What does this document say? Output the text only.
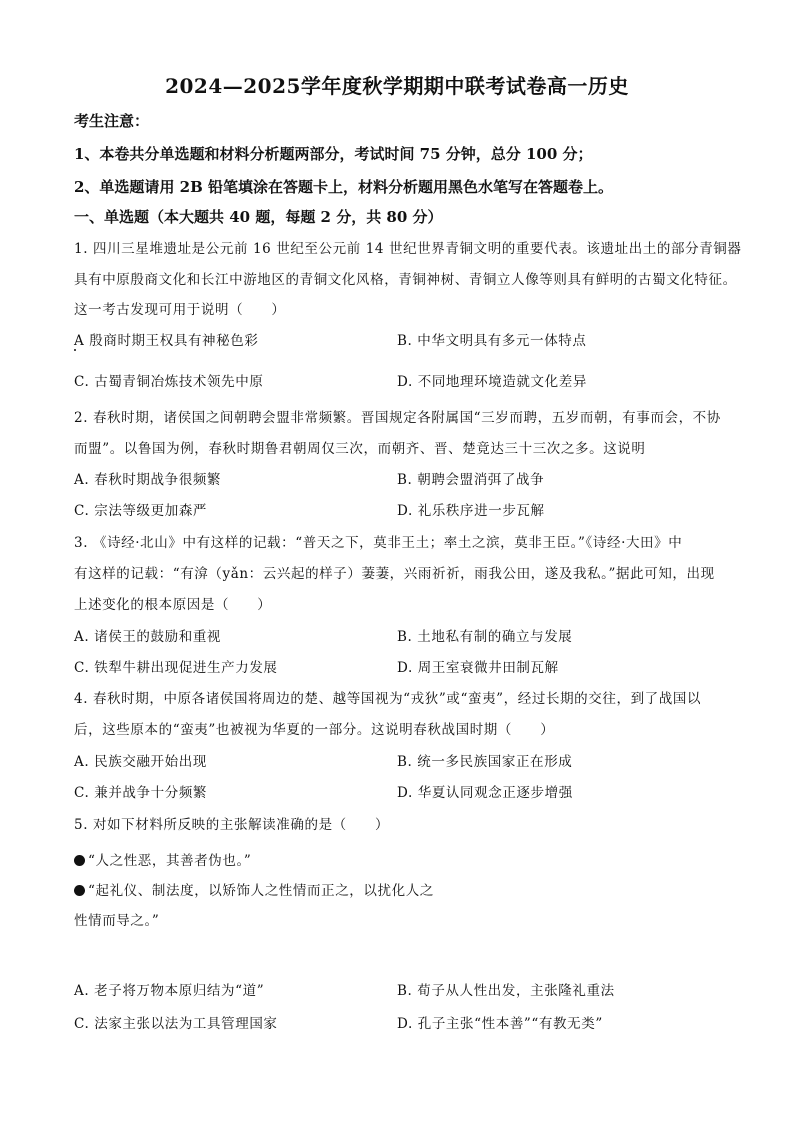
2024—2025学年度秋学期期中联考试卷高一历史
考生注意：
1、本卷共分单选题和材料分析题两部分，考试时间 75 分钟，总分 100 分；
2、单选题请用 2B 铅笔填涂在答题卡上，材料分析题用黑色水笔写在答题卷上。
一、单选题（本大题共 40 题，每题 2 分，共 80 分）
1. 四川三星堆遗址是公元前 16 世纪至公元前 14 世纪世界青铜文明的重要代表。该遗址出土的部分青铜器
具有中原殷商文化和长江中游地区的青铜文化风格，青铜神树、青铜立人像等则具有鲜明的古蜀文化特征。
这一考古发现可用于说明（　　）
A 殷商时期王权具有神秘色彩	B. 中华文明具有多元一体特点
C. 古蜀青铜冶炼技术领先中原	D. 不同地理环境造就文化差异
2. 春秋时期，诸侯国之间朝聘会盟非常频繁。晋国规定各附属国“三岁而聘，五岁而朝，有事而会，不协
而盟”。以鲁国为例，春秋时期鲁君朝周仅三次，而朝齐、晋、楚竟达三十三次之多。这说明
A. 春秋时期战争很频繁	B. 朝聘会盟消弭了战争
C. 宗法等级更加森严	D. 礼乐秩序进一步瓦解
3. 《诗经·北山》中有这样的记载：“普天之下，莫非王土；率土之滨，莫非王臣。”《诗经·大田》中
有这样的记载：“有渰（yǎn：云兴起的样子）萋萋，兴雨祈祈，雨我公田，遂及我私。”据此可知，出现
上述变化的根本原因是（　　）
A. 诸侯王的鼓励和重视	B. 土地私有制的确立与发展
C. 铁犁牛耕出现促进生产力发展	D. 周王室衰微井田制瓦解
4. 春秋时期，中原各诸侯国将周边的楚、越等国视为“戎狄”或“蛮夷”，经过长期的交往，到了战国以
后，这些原本的“蛮夷”也被视为华夏的一部分。这说明春秋战国时期（　　）
A. 民族交融开始出现	B. 统一多民族国家正在形成
C. 兼并战争十分频繁	D. 华夏认同观念正逐步增强
5. 对如下材料所反映的主张解读准确的是（　　）
“人之性恶，其善者伪也。”
“起礼仪、制法度，以矫饰人之性情而正之，以扰化人之
性情而导之。”
A. 老子将万物本原归结为“道”	B. 荀子从人性出发，主张隆礼重法
C. 法家主张以法为工具管理国家	D. 孔子主张“性本善”“有教无类”
